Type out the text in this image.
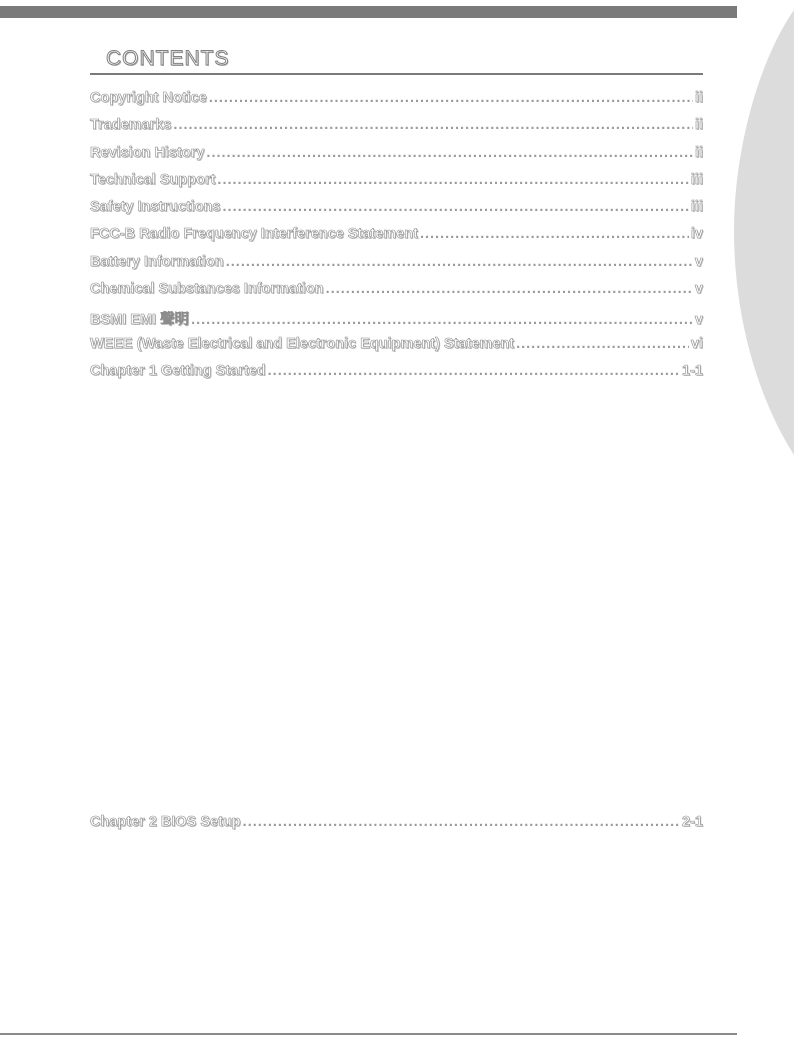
CONTENTS
Copyright Notice .....	ii
Trademarks .....	ii
Revision History .....	ii
Technical Support .....	iii
Safety Instructions .....	iii
FCC-B Radio Frequency Interference Statement .....	iv
Battery Information .....	v
Chemical Substances Information .....	v
BSMI EMI 聲明 .....	v
WEEE (Waste Electrical and Electronic Equipment) Statement .....	vi
Chapter 1 Getting Started .....	1-1
Chapter 2 BIOS Setup .....	2-1
